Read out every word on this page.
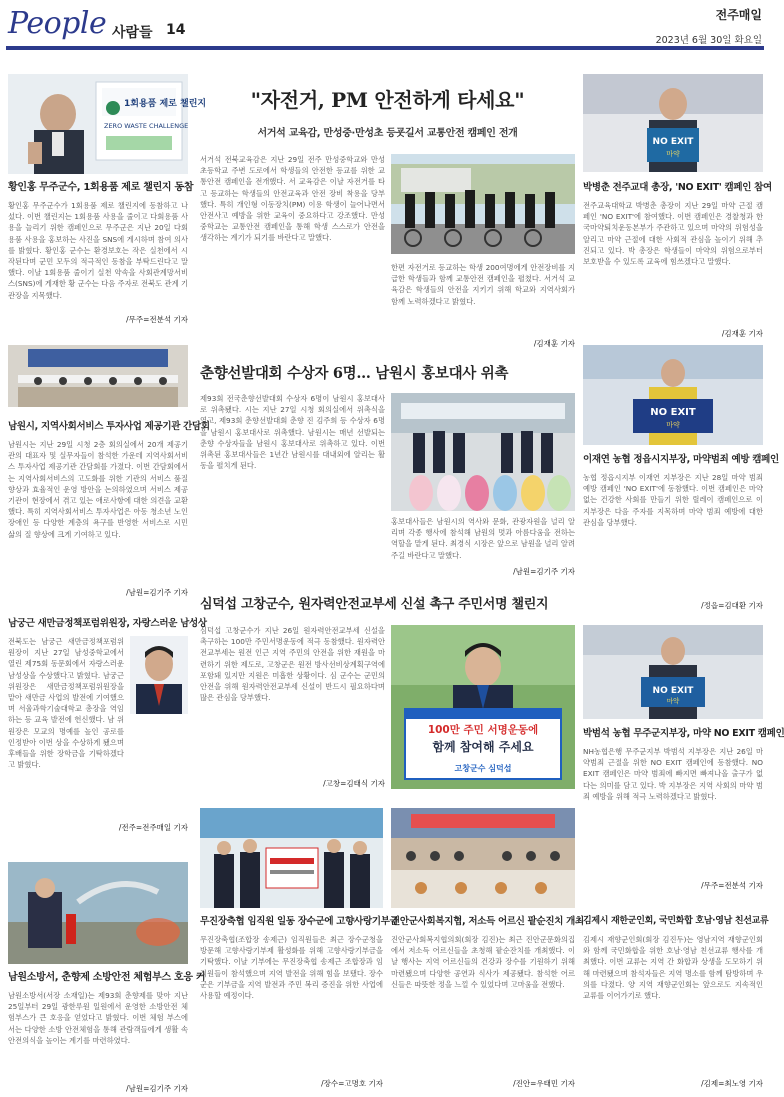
People 사람들 14
전주매일
2023년 6월 30일 화요일
1회용품 제로 챌린지
ZERO WASTE CHALLENGE
황인홍 무주군수, 1회용품 제로 챌린지 동참
황인홍 무주군수가 1회용품 제로 챌린지에 동참하고 나섰다. 이번 챌린지는 1회용품 사용을 줄이고 다회용품 사용을 늘리기 위한 캠페인으로 무주군은 지난 20일 다회용품 사용을 홍보하는 사진을 SNS에 게시하며 참여 의사를 밝혔다. 황인홍 군수는 환경보호는 작은 실천에서 시작된다며 군민 모두의 적극적인 동참을 부탁드린다고 말했다. 이날 1회용품 줄이기 실천 약속을 사회관계망서비스(SNS)에 게재한 황 군수는 다음 주자로 전북도 관계 기관장을 지목했다.
/무주=전분석 기자
남원시, 지역사회서비스 투자사업 제공기관 간담회
남원시는 지난 29일 시청 2층 회의실에서 20개 제공기관의 대표자 및 실무자들이 참석한 가운데 지역사회서비스 투자사업 제공기관 간담회를 가졌다. 이번 간담회에서는 지역사회서비스의 고도화를 위한 기관의 서비스 품질 향상과 효율적인 운영 방안을 논의하였으며 서비스 제공기관이 현장에서 겪고 있는 애로사항에 대한 의견을 교환했다. 특히 지역사회서비스 투자사업은 아동 청소년 노인 장애인 등 다양한 계층의 욕구를 반영한 서비스로 시민 삶의 질 향상에 크게 기여하고 있다.
/남원=김기주 기자
남궁근 새만금정책포럼위원장, 자랑스러운 남성상
전북도는 남궁근 새만금정책포럼위원장이 지난 27일 남성중학교에서 열린 제75회 동문회에서 자랑스러운 남성상을 수상했다고 밝혔다. 남궁근 위원장은 새만금정책포럼위원장을 맡아 새만금 사업의 발전에 기여했으며 서울과학기술대학교 총장을 역임하는 등 교육 발전에 헌신했다. 남 위원장은 모교의 명예를 높인 공로를 인정받아 이번 상을 수상하게 됐으며 후배들을 위한 장학금을 기탁하겠다고 밝혔다.
/전주=전주매일 기자
남원소방서, 춘향제 소방안전 체험부스 호응 커
남원소방서(서장 소재일)는 제93회 춘향제를 맞아 지난 25일부터 29일 광한루원 일원에서 운영한 소방안전 체험부스가 큰 호응을 얻었다고 밝혔다. 이번 체험 부스에서는 다양한 소방 안전체험을 통해 관람객들에게 생활 속 안전의식을 높이는 계기를 마련하였다.
/남원=김기주 기자
"자전거, PM 안전하게 타세요"
서거석 교육감, 만성중·만성초 등굣길서 교통안전 캠페인 전개
서거석 전북교육감은 지난 29일 전주 만성중학교와 만성초등학교 주변 도로에서 학생들의 안전한 등교를 위한 교통안전 캠페인을 전개했다. 서 교육감은 이날 자전거를 타고 등교하는 학생들의 안전교육과 안전 장비 착용을 당부했다. 특히 개인형 이동장치(PM) 이용 학생이 늘어나면서 안전사고 예방을 위한 교육이 중요하다고 강조했다. 만성중학교는 교통안전 캠페인을 통해 학생 스스로가 안전을 생각하는 계기가 되기를 바란다고 말했다.
한편 자전거로 등교하는 학생 200여명에게 안전장비를 지급한 학생들과 함께 교통안전 캠페인을 펼쳤다. 서거석 교육감은 학생들의 안전을 지키기 위해 학교와 지역사회가 함께 노력하겠다고 밝혔다.
/김재훈 기자
춘향선발대회 수상자 6명… 남원시 홍보대사 위촉
제93회 전국춘향선발대회 수상자 6명이 남원시 홍보대사로 위촉됐다. 시는 지난 27일 시청 회의실에서 위촉식을 열고, 제93회 춘향선발대회 춘향 진 김주희 등 수상자 6명을 남원시 홍보대사로 위촉했다. 남원시는 매년 선발되는 춘향 수상자들을 남원시 홍보대사로 위촉하고 있다. 이번 위촉된 홍보대사들은 1년간 남원시를 대내외에 알리는 활동을 펼치게 된다.
홍보대사들은 남원시의 역사와 문화, 관광자원을 널리 알리며 각종 행사에 참석해 남원의 멋과 아름다움을 전하는 역할을 맡게 된다. 최경식 시장은 앞으로 남원을 널리 알려주길 바란다고 말했다.
/남원=김기주 기자
심덕섭 고창군수, 원자력안전교부세 신설 촉구 주민서명 챌린지
심덕섭 고창군수가 지난 26일 원자력안전교부세 신설을 촉구하는 100만 주민서명운동에 적극 동참했다. 원자력안전교부세는 원전 인근 지역 주민의 안전을 위한 재원을 마련하기 위한 제도로, 고창군은 원전 방사선비상계획구역에 포함돼 있지만 지원은 미흡한 상황이다. 심 군수는 군민의 안전을 위해 원자력안전교부세 신설이 반드시 필요하다며 많은 관심을 당부했다.
/고창=김태식 기자
100만 주민 서명운동에
함께 참여해 주세요
고창군수 심덕섭
무진장축협 임직원 일동 장수군에 고향사랑기부금
무진장축협(조합장 송제근) 임직원들은 최근 장수군청을 방문해 고향사랑기부제 활성화를 위해 고향사랑기부금을 기탁했다. 이날 기부에는 무진장축협 송제근 조합장과 임직원들이 참석했으며 지역 발전을 위해 힘을 보탰다. 장수군은 기부금을 지역 발전과 주민 복리 증진을 위한 사업에 사용할 예정이다.
/장수=고명호 기자
진안군사회복지협, 저소득 어르신 팥순진치 개최
진안군사회복지협의회(회장 김진)는 최근 진안군문화의집에서 저소득 어르신들을 초청해 팥순잔치를 개최했다. 이날 행사는 지역 어르신들의 건강과 장수를 기원하기 위해 마련됐으며 다양한 공연과 식사가 제공됐다. 참석한 어르신들은 따뜻한 정을 느낄 수 있었다며 고마움을 전했다.
/진안=우태민 기자
NO EXIT
마약
박병춘 전주교대 총장, 'NO EXIT' 캠페인 참여
전주교육대학교 박병춘 총장이 지난 29일 마약 근절 캠페인 'NO EXIT'에 참여했다. 이번 캠페인은 경찰청과 한국마약퇴치운동본부가 주관하고 있으며 마약의 위험성을 알리고 마약 근절에 대한 사회적 관심을 높이기 위해 추진되고 있다. 박 총장은 학생들이 마약의 위험으로부터 보호받을 수 있도록 교육에 힘쓰겠다고 말했다.
/김재훈 기자
NO EXIT
마약
이재연 농협 정읍시지부장, 마약범죄 예방 캠페인
농협 정읍시지부 이재연 지부장은 지난 28일 마약 범죄 예방 캠페인 'NO EXIT'에 동참했다. 이번 캠페인은 마약 없는 건강한 사회를 만들기 위한 릴레이 캠페인으로 이 지부장은 다음 주자를 지목하며 마약 범죄 예방에 대한 관심을 당부했다.
/정읍=김대환 기자
NO EXIT
마약
박범석 농협 무주군지부장, 마약 NO EXIT 캠페인
NH농협은행 무주군지부 박범석 지부장은 지난 26일 마약범죄 근절을 위한 NO EXIT 캠페인에 동참했다. NO EXIT 캠페인은 마약 범죄에 빠지면 빠져나올 출구가 없다는 의미를 담고 있다. 박 지부장은 지역 사회의 마약 범죄 예방을 위해 적극 노력하겠다고 밝혔다.
/무주=전분석 기자
김제시 재한군인회, 국민화합 호남·영남 친선교류
김제시 재향군인회(회장 김진두)는 영남지역 재향군인회와 함께 국민화합을 위한 호남·영남 친선교류 행사를 개최했다. 이번 교류는 지역 간 화합과 상생을 도모하기 위해 마련됐으며 참석자들은 지역 명소를 함께 탐방하며 우의를 다졌다. 양 지역 재향군인회는 앞으로도 지속적인 교류를 이어가기로 했다.
/김제=최노영 기자
